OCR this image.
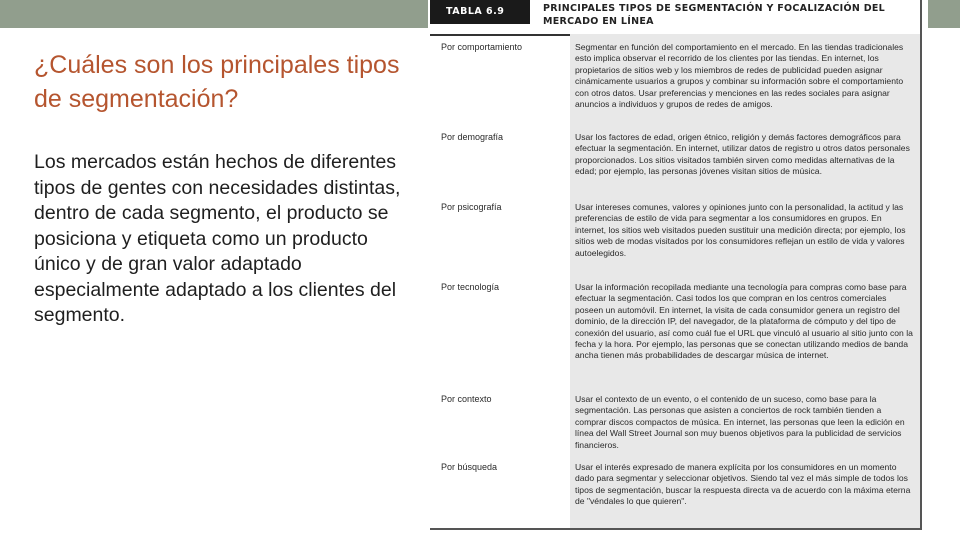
¿Cuáles son los principales tipos de segmentación?

Los mercados están hechos de diferentes tipos de gentes con necesidades distintas, dentro de cada segmento, el producto se posiciona y etiqueta como un producto único y de gran valor adaptado especialmente adaptado a los clientes del segmento.

TABLA 6.9	PRINCIPALES TIPOS DE SEGMENTACIÓN Y FOCALIZACIÓN DEL MERCADO EN LÍNEA
Por comportamiento	Segmentar en función del comportamiento en el mercado. En las tiendas tradicionales esto implica observar el recorrido de los clientes por las tiendas. En internet, los propietarios de sitios web y los miembros de redes de publicidad pueden asignar cinámicamente usuarios a grupos y combinar su información sobre el comportamiento con otros datos. Usar preferencias y menciones en las redes sociales para asignar anuncios a individuos y grupos de redes de amigos.

Por demografía	Usar los factores de edad, origen étnico, religión y demás factores demográficos para efectuar la segmentación. En internet, utilizar datos de registro u otros datos personales proporcionados. Los sitios visitados también sirven como medidas alternativas de la edad; por ejemplo, las personas jóvenes visitan sitios de música.

Por psicografía	Usar intereses comunes, valores y opiniones junto con la personalidad, la actitud y las preferencias de estilo de vida para segmentar a los consumidores en grupos. En internet, los sitios web visitados pueden sustituir una medición directa; por ejemplo, los sitios web de modas visitados por los consumidores reflejan un estilo de vida y valores autoelegidos.

Por tecnología	Usar la información recopilada mediante una tecnología para compras como base para efectuar la segmentación. Casi todos los que compran en los centros comerciales poseen un automóvil. En internet, la visita de cada consumidor genera un registro del dominio, de la dirección IP, del navegador, de la plataforma de cómputo y del tipo de conexión del usuario, así como cuál fue el URL que vinculó al usuario al sitio junto con la fecha y la hora. Por ejemplo, las personas que se conectan utilizando medios de banda ancha tienen más probabilidades de descargar música de internet.

Por contexto	Usar el contexto de un evento, o el contenido de un suceso, como base para la segmentación. Las personas que asisten a conciertos de rock también tienden a comprar discos compactos de música. En internet, las personas que leen la edición en línea del Wall Street Journal son muy buenos objetivos para la publicidad de servicios financieros.

Por búsqueda	Usar el interés expresado de manera explícita por los consumidores en un momento dado para segmentar y seleccionar objetivos. Siendo tal vez el más simple de todos los tipos de segmentación, buscar la respuesta directa va de acuerdo con la máxima eterna de "véndales lo que quieren".
